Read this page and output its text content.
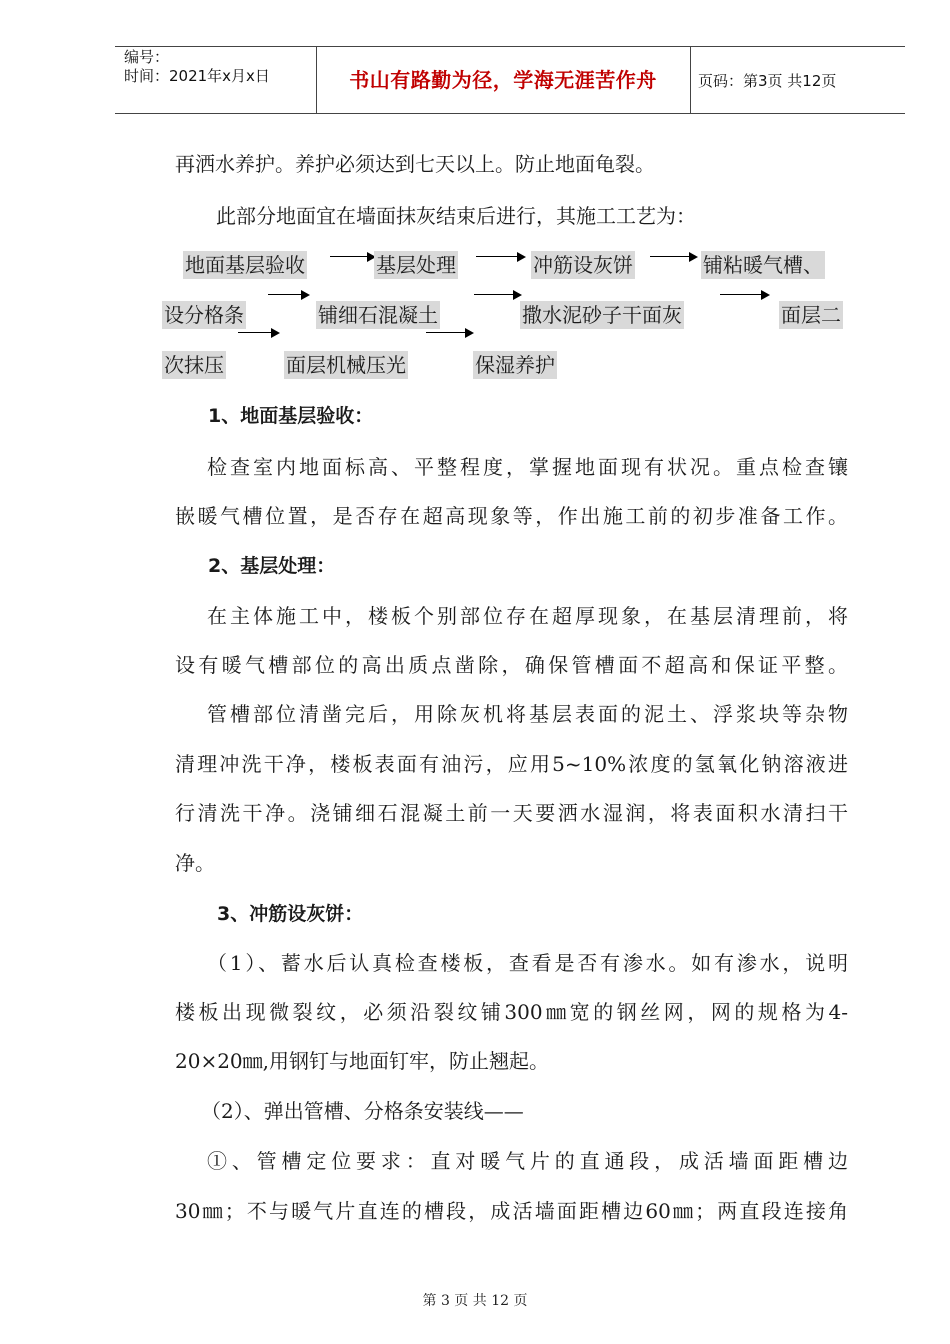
编号：
时间：2021年x月x日	书山有路勤为径，学海无涯苦作舟	页码：第3页 共12页
再洒水养护。养护必须达到七天以上。防止地面龟裂。
此部分地面宜在墙面抹灰结束后进行，其施工工艺为：
地面基层验收	基层处理	冲筋设灰饼	铺粘暖气槽、
设分格条	铺细石混凝土	撒水泥砂子干面灰	面层二
次抹压	面层机械压光	保湿养护
1、地面基层验收：
检查室内地面标高、平整程度，掌握地面现有状况。重点检查镶
嵌暖气槽位置，是否存在超高现象等，作出施工前的初步准备工作。
2、基层处理：
在主体施工中，楼板个别部位存在超厚现象，在基层清理前，将
设有暖气槽部位的高出质点凿除，确保管槽面不超高和保证平整。
管槽部位清凿完后，用除灰机将基层表面的泥土、浮浆块等杂物
清理冲洗干净，楼板表面有油污，应用5~10%浓度的氢氧化钠溶液进
行清洗干净。浇铺细石混凝土前一天要洒水湿润，将表面积水清扫干
净。
3、冲筋设灰饼：
（1）、蓄水后认真检查楼板，查看是否有渗水。如有渗水，说明
楼板出现微裂纹，必须沿裂纹铺300㎜宽的钢丝网，网的规格为4-
20×20㎜,用钢钉与地面钉牢，防止翘起。
（2）、弹出管槽、分格条安装线——
①、管槽定位要求：直对暖气片的直通段，成活墙面距槽边
30㎜；不与暖气片直连的槽段，成活墙面距槽边60㎜；两直段连接角
第 3 页 共 12 页
